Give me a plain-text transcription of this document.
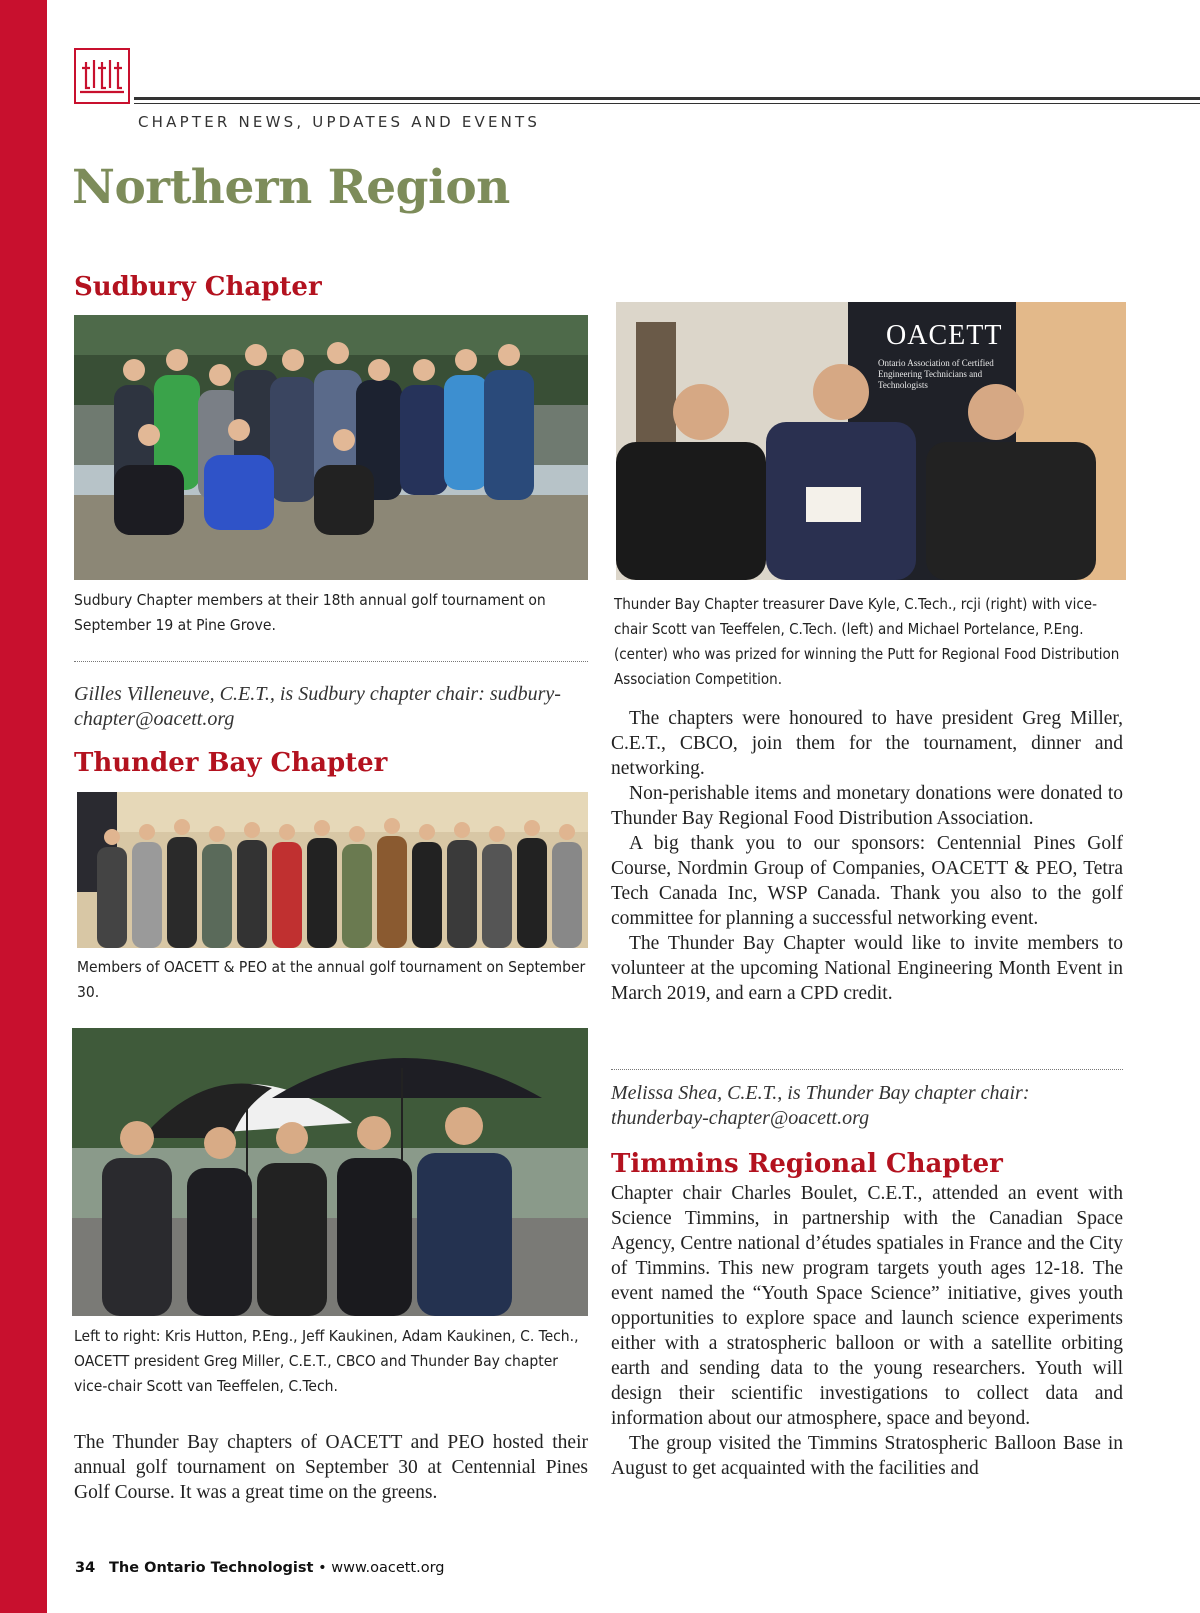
CHAPTER NEWS, UPDATES AND EVENTS
Northern Region
Sudbury Chapter
Sudbury Chapter members at their 18th annual golf tournament on September 19 at Pine Grove.
Gilles Villeneuve, C.E.T., is Sudbury chapter chair: sudbury-chapter@oacett.org
Thunder Bay Chapter
Members of OACETT & PEO at the annual golf tournament on September 30.
Left to right: Kris Hutton, P.Eng., Jeff Kaukinen, Adam Kaukinen, C. Tech., OACETT president Greg Miller, C.E.T., CBCO and Thunder Bay chapter vice-chair Scott van Teeffelen, C.Tech.

The Thunder Bay chapters of OACETT and PEO hosted their annual golf tournament on September 30 at Centennial Pines Golf Course. It was a great time on the greens.

OACETT
Ontario Association of Certified Engineering Technicians and Technologists
Thunder Bay Chapter treasurer Dave Kyle, C.Tech., rcji (right) with vice-chair Scott van Teeffelen, C.Tech. (left) and Michael Portelance, P.Eng. (center) who was prized for winning the Putt for Regional Food Distribution Association Competition.

The chapters were honoured to have president Greg Miller, C.E.T., CBCO, join them for the tournament, dinner and networking.

Non-perishable items and monetary donations were donated to Thunder Bay Regional Food Distribution Association.

A big thank you to our sponsors: Centennial Pines Golf Course, Nordmin Group of Companies, OACETT & PEO, Tetra Tech Canada Inc, WSP Canada. Thank you also to the golf committee for planning a successful networking event.

The Thunder Bay Chapter would like to invite members to volunteer at the upcoming National Engineering Month Event in March 2019, and earn a CPD credit.

Melissa Shea, C.E.T., is Thunder Bay chapter chair: thunderbay-chapter@oacett.org
Timmins Regional Chapter

Chapter chair Charles Boulet, C.E.T., attended an event with Science Timmins, in partnership with the Canadian Space Agency, Centre national d’études spatiales in France and the City of Timmins. This new program targets youth ages 12-18. The event named the “Youth Space Science” initiative, gives youth opportunities to explore space and launch science experiments either with a stratospheric balloon or with a satellite orbiting earth and sending data to the young researchers. Youth will design their scientific investigations to collect data and information about our atmosphere, space and beyond.

The group visited the Timmins Stratospheric Balloon Base in August to get acquainted with the facilities and

34 The Ontario Technologist • www.oacett.org
